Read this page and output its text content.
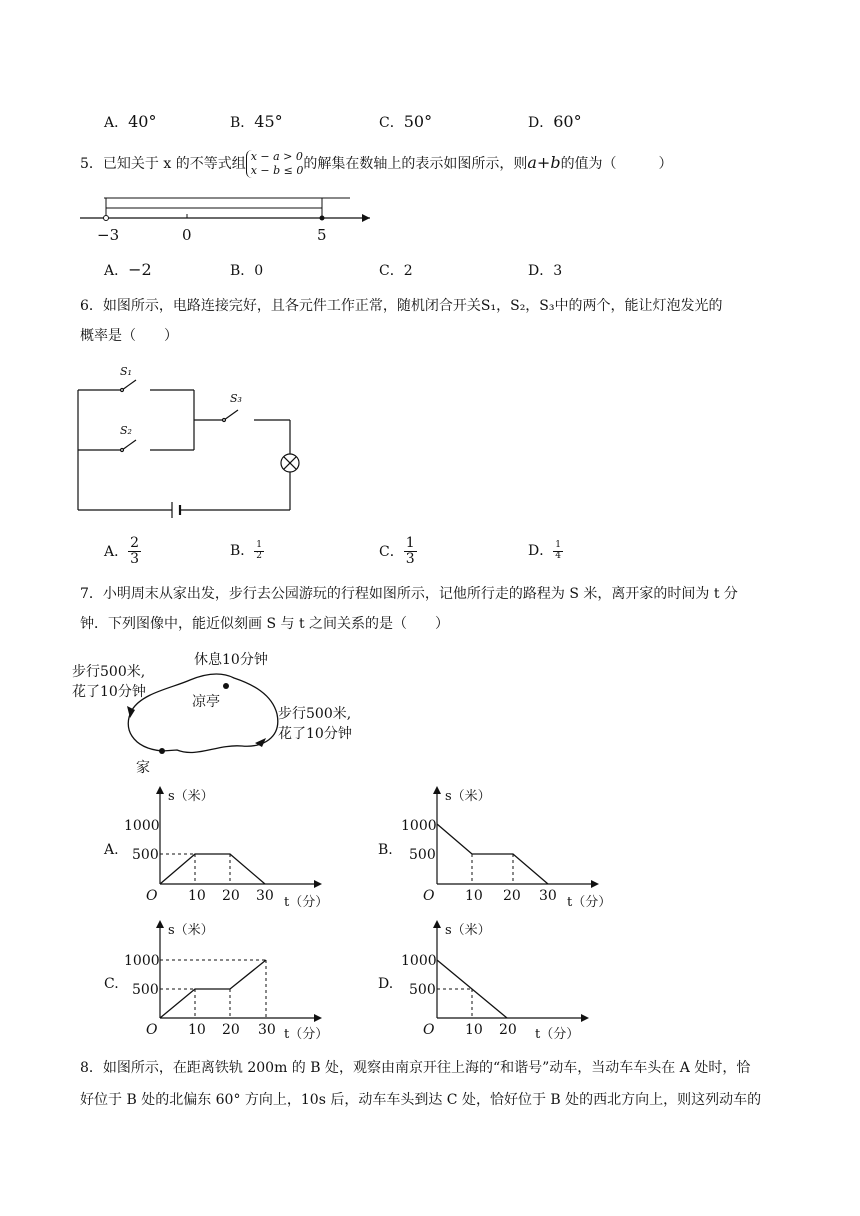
A．40°	B．45°	C．50°	D．60°
5．已知关于 x 的不等式组 x − a > 0
x − b ≤ 0 的解集在数轴上的表示如图所示，则a+b的值为（　　　）
−3	0	5
A．−2	B．0	C．2	D．3
6．如图所示，电路连接完好，且各元件工作正常，随机闭合开关S₁，S₂，S₃中的两个，能让灯泡发光的
概率是（　　）
S₁
S₂
S₃
A． $\frac{2}{3}$	B． $\frac{1}{2}$	C． $\frac{1}{3}$	D． $\frac{1}{4}$
7．小明周末从家出发，步行去公园游玩的行程如图所示，记他所行走的路程为 S 米，离开家的时间为 t 分
钟．下列图像中，能近似刻画 S 与 t 之间关系的是（　　）
休息10分钟
步行500米,
花了10分钟
凉亭
步行500米,
花了10分钟
家
A.
s（米）
1000
500
O 10 20 30 t（分）
B.
s（米）
1000
500
O 10 20 30 t（分）
C.
s（米）
1000
500
O 10 20 30 t（分）
D.
s（米）
1000
500
O 10 20 t（分）
8．如图所示，在距离铁轨 200m 的 B 处，观察由南京开往上海的“和谐号”动车，当动车车头在 A 处时，恰
好位于 B 处的北偏东 60° 方向上，10s 后，动车车头到达 C 处，恰好位于 B 处的西北方向上，则这列动车的
